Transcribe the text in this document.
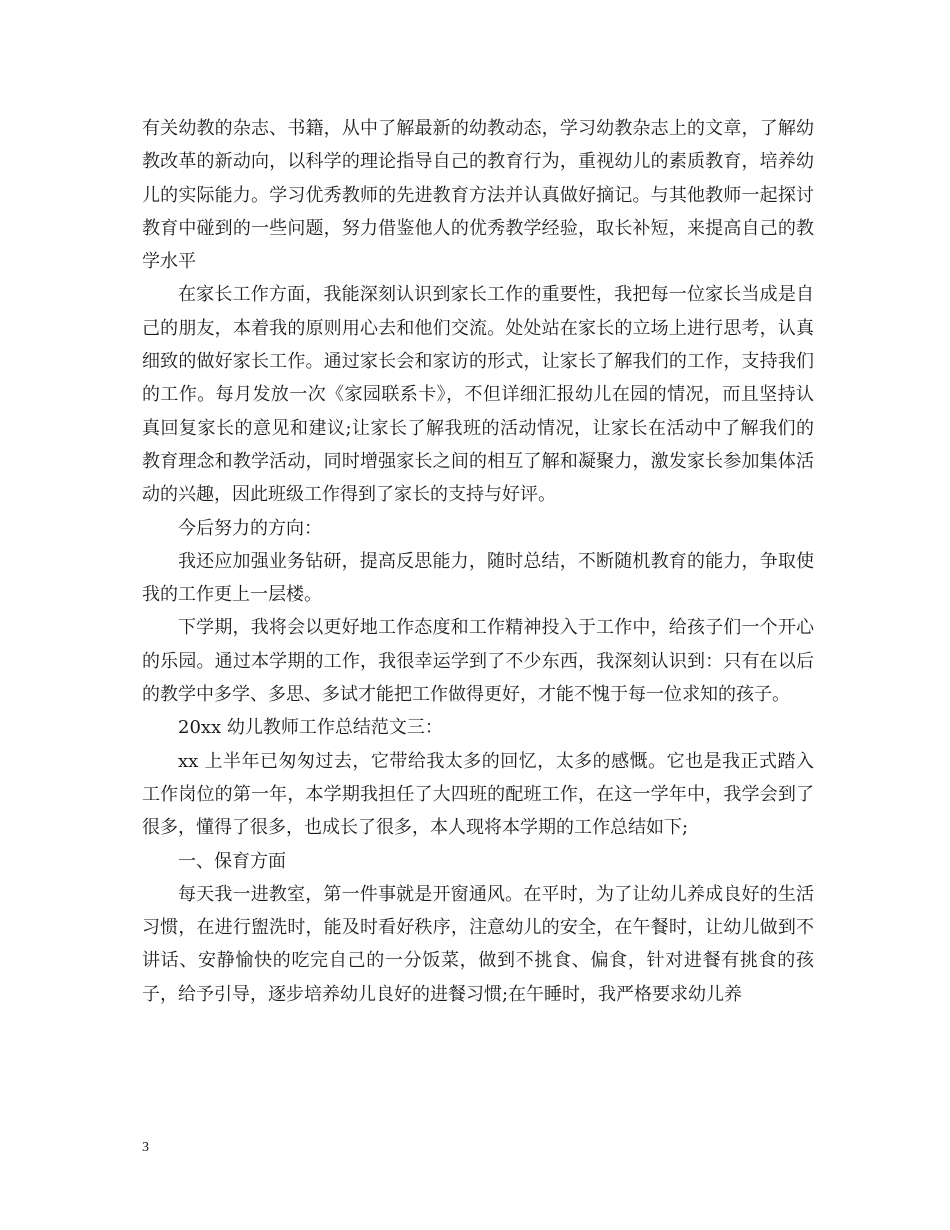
有关幼教的杂志、书籍，从中了解最新的幼教动态，学习幼教杂志上的文章，了解幼教改革的新动向，以科学的理论指导自己的教育行为，重视幼儿的素质教育，培养幼儿的实际能力。学习优秀教师的先进教育方法并认真做好摘记。与其他教师一起探讨教育中碰到的一些问题，努力借鉴他人的优秀教学经验，取长补短，来提高自己的教学水平

在家长工作方面，我能深刻认识到家长工作的重要性，我把每一位家长当成是自己的朋友，本着我的原则用心去和他们交流。处处站在家长的立场上进行思考，认真细致的做好家长工作。通过家长会和家访的形式，让家长了解我们的工作，支持我们的工作。每月发放一次《家园联系卡》，不但详细汇报幼儿在园的情况，而且坚持认真回复家长的意见和建议;让家长了解我班的活动情况，让家长在活动中了解我们的教育理念和教学活动，同时增强家长之间的相互了解和凝聚力，激发家长参加集体活动的兴趣，因此班级工作得到了家长的支持与好评。

今后努力的方向：

我还应加强业务钻研，提高反思能力，随时总结，不断随机教育的能力，争取使我的工作更上一层楼。

下学期，我将会以更好地工作态度和工作精神投入于工作中，给孩子们一个开心的乐园。通过本学期的工作，我很幸运学到了不少东西，我深刻认识到：只有在以后的教学中多学、多思、多试才能把工作做得更好，才能不愧于每一位求知的孩子。

20xx 幼儿教师工作总结范文三：

xx 上半年已匆匆过去，它带给我太多的回忆，太多的感慨。它也是我正式踏入工作岗位的第一年，本学期我担任了大四班的配班工作，在这一学年中，我学会到了很多，懂得了很多，也成长了很多，本人现将本学期的工作总结如下;

一、保育方面

每天我一进教室，第一件事就是开窗通风。在平时，为了让幼儿养成良好的生活习惯，在进行盥洗时，能及时看好秩序，注意幼儿的安全，在午餐时，让幼儿做到不讲话、安静愉快的吃完自己的一分饭菜，做到不挑食、偏食，针对进餐有挑食的孩子，给予引导，逐步培养幼儿良好的进餐习惯;在午睡时，我严格要求幼儿养

3
